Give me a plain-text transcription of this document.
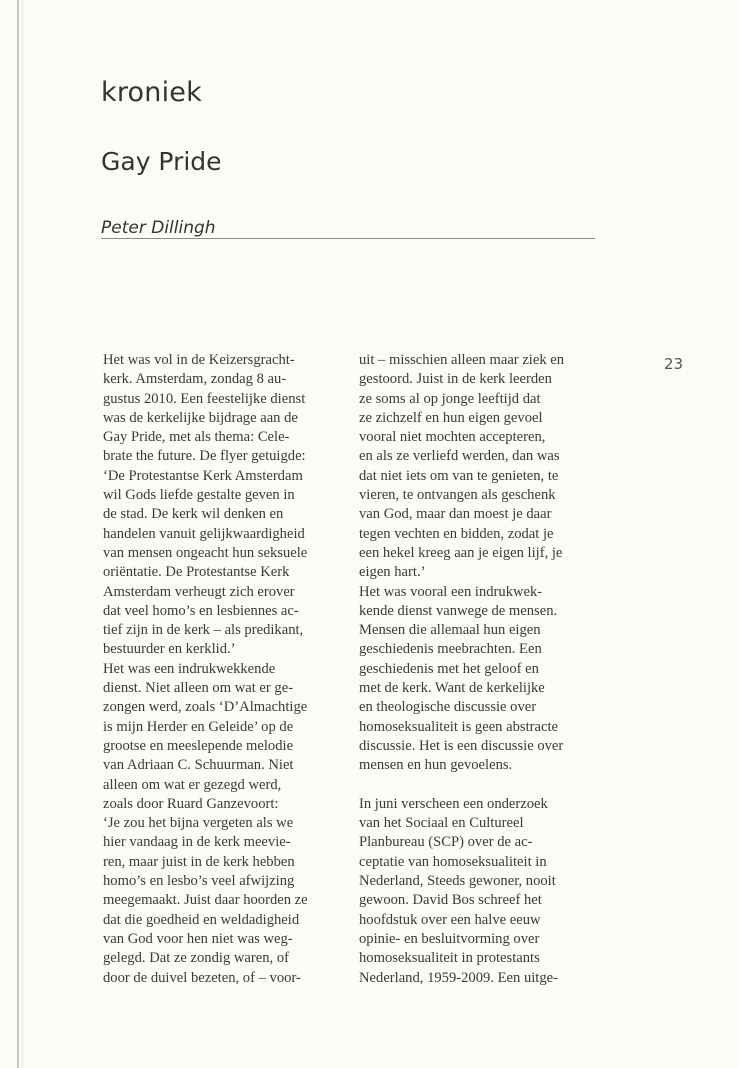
kroniek
Gay Pride
Peter Dillingh
23
Het was vol in de Keizersgracht-
kerk. Amsterdam, zondag 8 au-
gustus 2010. Een feestelijke dienst
was de kerkelijke bijdrage aan de
Gay Pride, met als thema: Cele-
brate the future. De flyer getuigde:
‘De Protestantse Kerk Amsterdam
wil Gods liefde gestalte geven in
de stad. De kerk wil denken en
handelen vanuit gelijkwaardigheid
van mensen ongeacht hun seksuele
oriëntatie. De Protestantse Kerk
Amsterdam verheugt zich erover
dat veel homo’s en lesbiennes ac-
tief zijn in de kerk – als predikant,
bestuurder en kerklid.’
Het was een indrukwekkende
dienst. Niet alleen om wat er ge-
zongen werd, zoals ‘D’Almachtige
is mijn Herder en Geleide’ op de
grootse en meeslepende melodie
van Adriaan C. Schuurman. Niet
alleen om wat er gezegd werd,
zoals door Ruard Ganzevoort:
‘Je zou het bijna vergeten als we
hier vandaag in de kerk meevie-
ren, maar juist in de kerk hebben
homo’s en lesbo’s veel afwijzing
meegemaakt. Juist daar hoorden ze
dat die goedheid en weldadigheid
van God voor hen niet was weg-
gelegd. Dat ze zondig waren, of
door de duivel bezeten, of – voor-
uit – misschien alleen maar ziek en
gestoord. Juist in de kerk leerden
ze soms al op jonge leeftijd dat
ze zichzelf en hun eigen gevoel
vooral niet mochten accepteren,
en als ze verliefd werden, dan was
dat niet iets om van te genieten, te
vieren, te ontvangen als geschenk
van God, maar dan moest je daar
tegen vechten en bidden, zodat je
een hekel kreeg aan je eigen lijf, je
eigen hart.’
Het was vooral een indrukwek-
kende dienst vanwege de mensen.
Mensen die allemaal hun eigen
geschiedenis meebrachten. Een
geschiedenis met het geloof en
met de kerk. Want de kerkelijke
en theologische discussie over
homoseksualiteit is geen abstracte
discussie. Het is een discussie over
mensen en hun gevoelens.
In juni verscheen een onderzoek
van het Sociaal en Cultureel
Planbureau (SCP) over de ac-
ceptatie van homoseksualiteit in
Nederland, Steeds gewoner, nooit
gewoon. David Bos schreef het
hoofdstuk over een halve eeuw
opinie- en besluitvorming over
homoseksualiteit in protestants
Nederland, 1959-2009. Een uitge-
